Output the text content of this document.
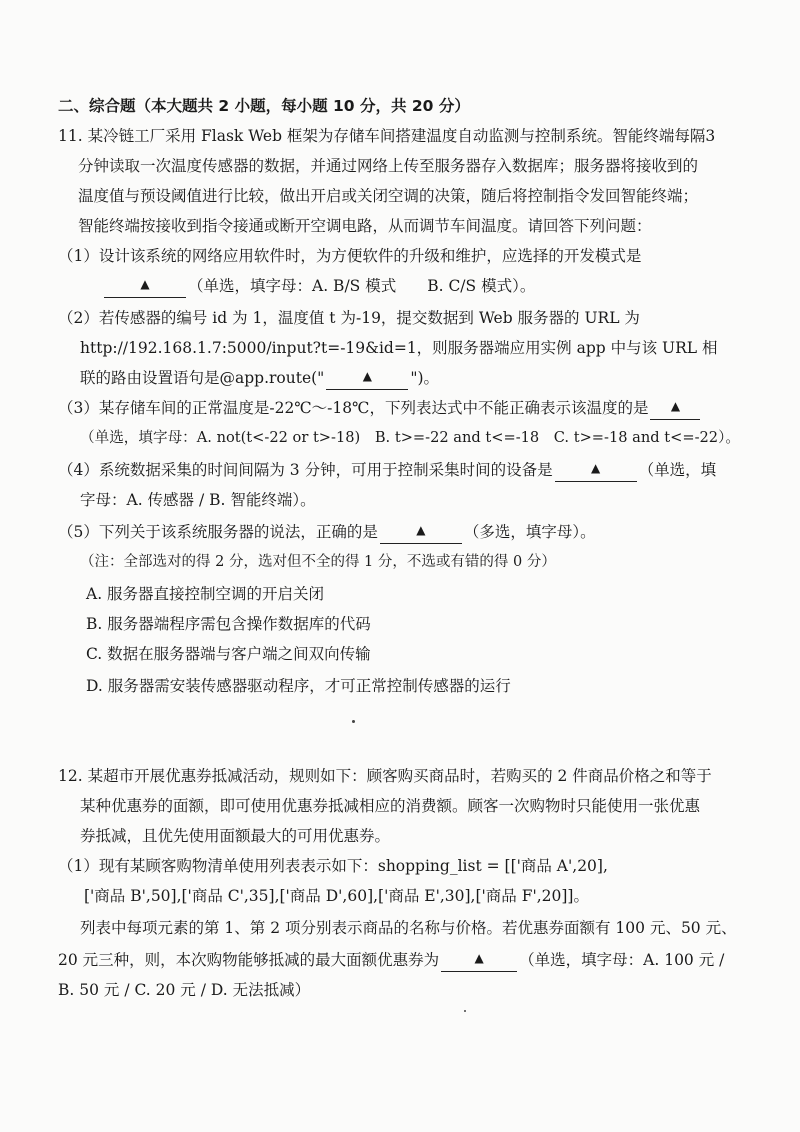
二、综合题（本大题共 2 小题，每小题 10 分，共 20 分）
11. 某冷链工厂采用 Flask Web 框架为存储车间搭建温度自动监测与控制系统。智能终端每隔3
分钟读取一次温度传感器的数据，并通过网络上传至服务器存入数据库；服务器将接收到的
温度值与预设阈值进行比较，做出开启或关闭空调的决策，随后将控制指令发回智能终端；
智能终端按接收到指令接通或断开空调电路，从而调节车间温度。请回答下列问题：
（1）设计该系统的网络应用软件时，为方便软件的升级和维护，应选择的开发模式是
▲ （单选，填字母：A. B/S 模式　　B. C/S 模式）。
（2）若传感器的编号 id 为 1，温度值 t 为-19，提交数据到 Web 服务器的 URL 为
http://192.168.1.7:5000/input?t=-19&id=1，则服务器端应用实例 app 中与该 URL 相
联的路由设置语句是@app.route("	▲ ")。
（3）某存储车间的正常温度是-22℃～-18℃，下列表达式中不能正确表示该温度的是 ▲
（单选，填字母：A. not(t<-22 or t>-18)　B. t>=-22 and t<=-18　C. t>=-18 and t<=-22）。
（4）系统数据采集的时间间隔为 3 分钟，可用于控制采集时间的设备是	▲ （单选，填
字母：A. 传感器 / B. 智能终端）。
（5）下列关于该系统服务器的说法，正确的是	▲ （多选，填字母）。
（注：全部选对的得 2 分，选对但不全的得 1 分，不选或有错的得 0 分）
A. 服务器直接控制空调的开启关闭
B. 服务器端程序需包含操作数据库的代码
C. 数据在服务器端与客户端之间双向传输
D. 服务器需安装传感器驱动程序，才可正常控制传感器的运行
12. 某超市开展优惠券抵减活动，规则如下：顾客购买商品时，若购买的 2 件商品价格之和等于
某种优惠券的面额，即可使用优惠券抵减相应的消费额。顾客一次购物时只能使用一张优惠
券抵减，且优先使用面额最大的可用优惠券。
（1）现有某顾客购物清单使用列表表示如下：shopping_list = [['商品 A',20],
['商品 B',50],['商品 C',35],['商品 D',60],['商品 E',30],['商品 F',20]]。
列表中每项元素的第 1、第 2 项分别表示商品的名称与价格。若优惠券面额有 100 元、50 元、
20 元三种，则，本次购物能够抵减的最大面额优惠券为	▲ （单选，填字母：A. 100 元 /
B. 50 元 / C. 20 元 / D. 无法抵减）
